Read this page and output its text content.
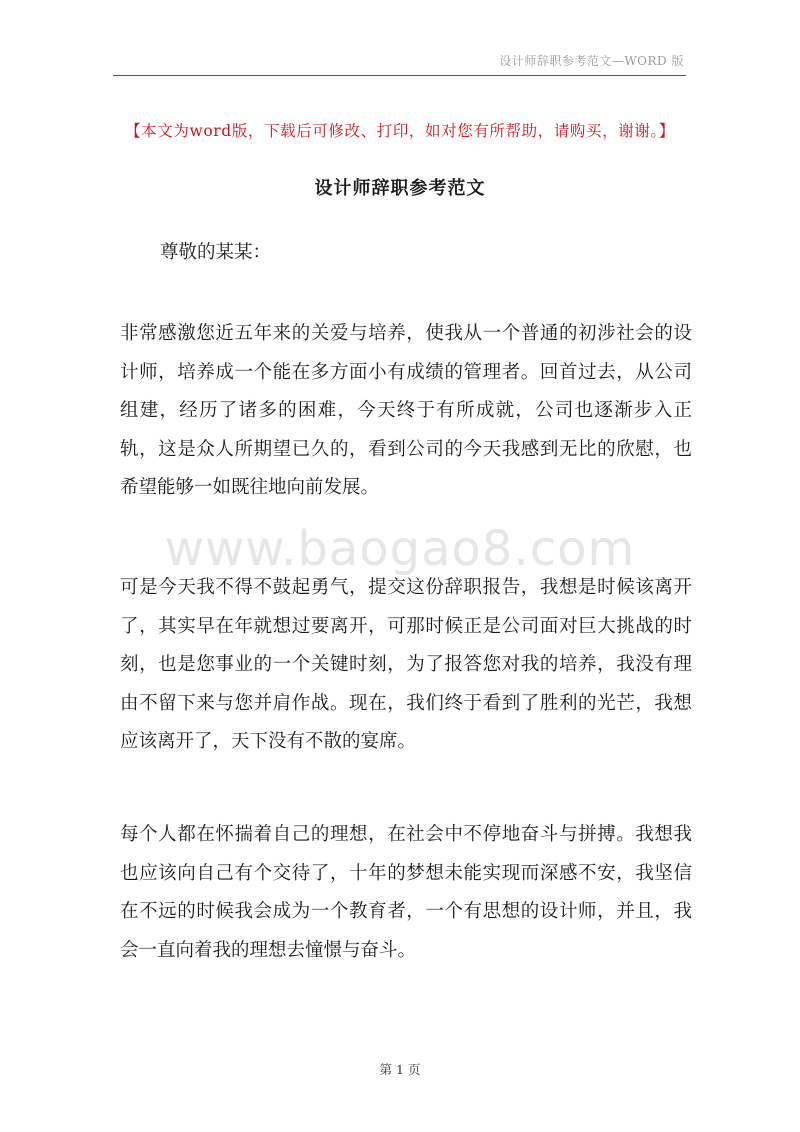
设计师辞职参考范文—WORD 版
【本文为word版，下载后可修改、打印，如对您有所帮助，请购买，谢谢。】
设计师辞职参考范文
尊敬的某某：

非常感激您近五年来的关爱与培养，使我从一个普通的初涉社会的设计师，培养成一个能在多方面小有成绩的管理者。回首过去，从公司组建，经历了诸多的困难，今天终于有所成就，公司也逐渐步入正轨，这是众人所期望已久的，看到公司的今天我感到无比的欣慰，也希望能够一如既往地向前发展。

www.baogao8.com

可是今天我不得不鼓起勇气，提交这份辞职报告，我想是时候该离开了，其实早在年就想过要离开，可那时候正是公司面对巨大挑战的时刻，也是您事业的一个关键时刻，为了报答您对我的培养，我没有理由不留下来与您并肩作战。现在，我们终于看到了胜利的光芒，我想应该离开了，天下没有不散的宴席。

每个人都在怀揣着自己的理想，在社会中不停地奋斗与拼搏。我想我也应该向自己有个交待了，十年的梦想未能实现而深感不安，我坚信在不远的时候我会成为一个教育者，一个有思想的设计师，并且，我会一直向着我的理想去憧憬与奋斗。

第 1 页
